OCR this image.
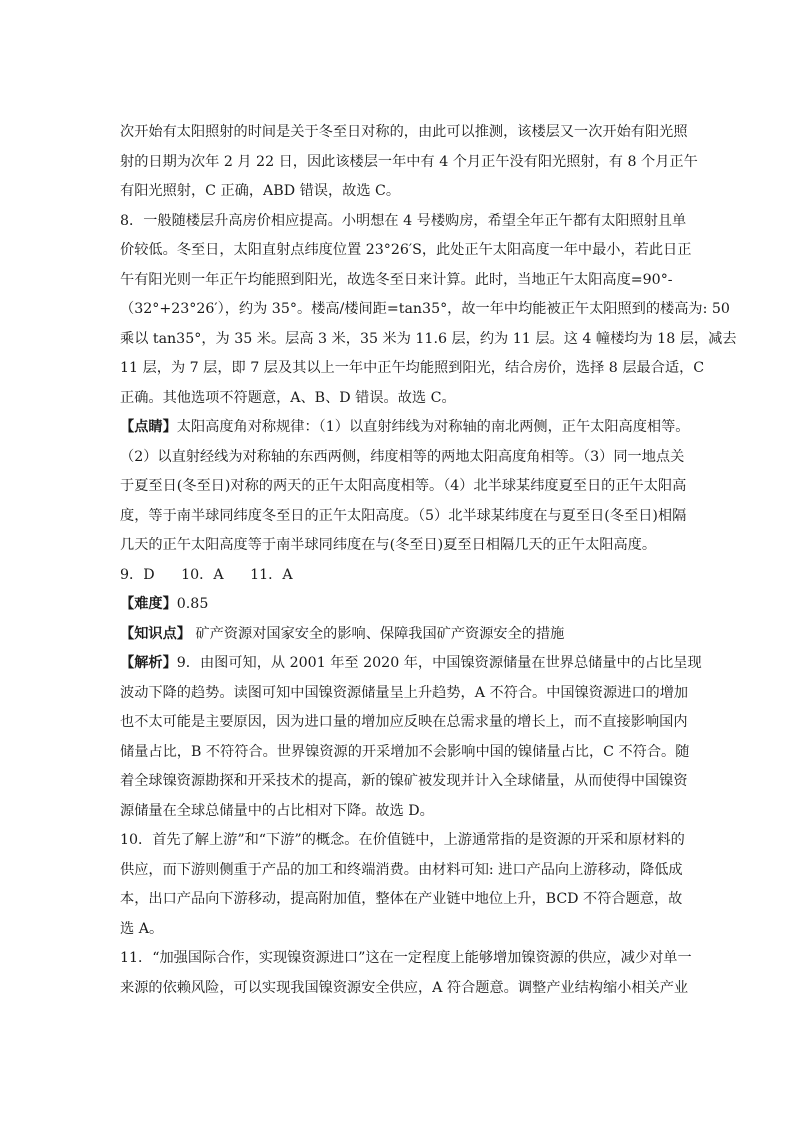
次开始有太阳照射的时间是关于冬至日对称的，由此可以推测，该楼层又一次开始有阳光照
射的日期为次年 2 月 22 日，因此该楼层一年中有 4 个月正午没有阳光照射，有 8 个月正午
有阳光照射，C 正确，ABD 错误，故选 C。
8．一般随楼层升高房价相应提高。小明想在 4 号楼购房，希望全年正午都有太阳照射且单
价较低。冬至日，太阳直射点纬度位置 23°26′S，此处正午太阳高度一年中最小，若此日正
午有阳光则一年正午均能照到阳光，故选冬至日来计算。此时，当地正午太阳高度=90°-
（32°+23°26′），约为 35°。楼高/楼间距=tan35°，故一年中均能被正午太阳照到的楼高为: 50
乘以 tan35°，为 35 米。层高 3 米，35 米为 11.6 层，约为 11 层。这 4 幢楼均为 18 层，减去
11 层，为 7 层，即 7 层及其以上一年中正午均能照到阳光，结合房价，选择 8 层最合适，C
正确。其他选项不符题意，A、B、D 错误。故选 C。
【点睛】太阳高度角对称规律：（1）以直射纬线为对称轴的南北两侧，正午太阳高度相等。
（2）以直射经线为对称轴的东西两侧，纬度相等的两地太阳高度角相等。（3）同一地点关
于夏至日(冬至日)对称的两天的正午太阳高度相等。（4）北半球某纬度夏至日的正午太阳高
度，等于南半球同纬度冬至日的正午太阳高度。（5）北半球某纬度在与夏至日(冬至日)相隔
几天的正午太阳高度等于南半球同纬度在与(冬至日)夏至日相隔几天的正午太阳高度。
9．D 10．A 11．A
【难度】0.85
【知识点】 矿产资源对国家安全的影响、保障我国矿产资源安全的措施
【解析】9．由图可知，从 2001 年至 2020 年，中国镍资源储量在世界总储量中的占比呈现
波动下降的趋势。读图可知中国镍资源储量呈上升趋势，A 不符合。中国镍资源进口的增加
也不太可能是主要原因，因为进口量的增加应反映在总需求量的增长上，而不直接影响国内
储量占比，B 不符符合。世界镍资源的开采增加不会影响中国的镍储量占比，C 不符合。随
着全球镍资源勘探和开采技术的提高，新的镍矿被发现并计入全球储量，从而使得中国镍资
源储量在全球总储量中的占比相对下降。故选 D。
10．首先了解上游”和“下游”的概念。在价值链中，上游通常指的是资源的开采和原材料的
供应，而下游则侧重于产品的加工和终端消费。由材料可知: 进口产品向上游移动，降低成
本，出口产品向下游移动，提高附加值，整体在产业链中地位上升，BCD 不符合题意，故
选 A。
11．“加强国际合作，实现镍资源进口”这在一定程度上能够增加镍资源的供应，减少对单一
来源的依赖风险，可以实现我国镍资源安全供应，A 符合题意。调整产业结构缩小相关产业
